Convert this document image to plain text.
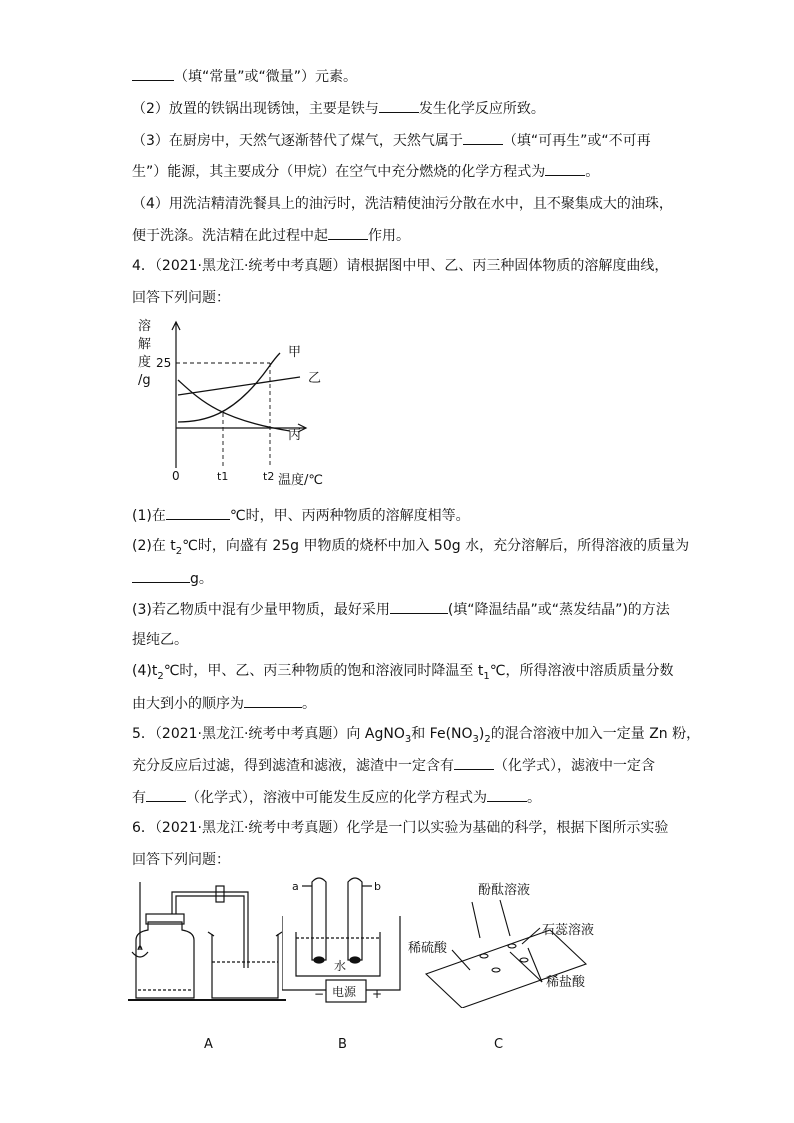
（填“常量”或“微量”）元素。
（2）放置的铁锅出现锈蚀，主要是铁与	发生化学反应所致。
（3）在厨房中，天然气逐渐替代了煤气，天然气属于	（填“可再生”或“不可再
生”）能源，其主要成分（甲烷）在空气中充分燃烧的化学方程式为	。
（4）用洗洁精清洗餐具上的油污时，洗洁精使油污分散在水中，且不聚集成大的油珠，
便于洗涤。洗洁精在此过程中起	作用。
4．（2021·黑龙江·统考中考真题）请根据图中甲、乙、丙三种固体物质的溶解度曲线，
回答下列问题：
溶
解
度
/g
25
0	t1	t2 温度/℃
甲
乙
丙
(1)在	℃时，甲、丙两种物质的溶解度相等。
(2)在 $t_2℃$时，向盛有 25g 甲物质的烧杯中加入 50g 水，充分溶解后，所得溶液的质量为
g。
(3)若乙物质中混有少量甲物质，最好采用	(填“降温结晶”或“蒸发结晶”)的方法
提纯乙。
$(4)t_2℃$时，甲、乙、丙三种物质的饱和溶液同时降温至 $t_1℃$，所得溶液中溶质质量分数
由大到小的顺序为	。
5．（2021·黑龙江·统考中考真题）向 AgNO$_3$和 $Fe(NO_3)_2$的混合溶液中加入一定量 Zn 粉，
充分反应后过滤，得到滤渣和滤液，滤渣中一定含有	（化学式），滤液中一定含
有	（化学式），溶液中可能发生反应的化学方程式为	。
6．（2021·黑龙江·统考中考真题）化学是一门以实验为基础的科学，根据下图所示实验
回答下列问题：
a	b
水
−	+
电源
酚酞溶液
石蕊溶液
稀硫酸
稀盐酸
A	B	C
